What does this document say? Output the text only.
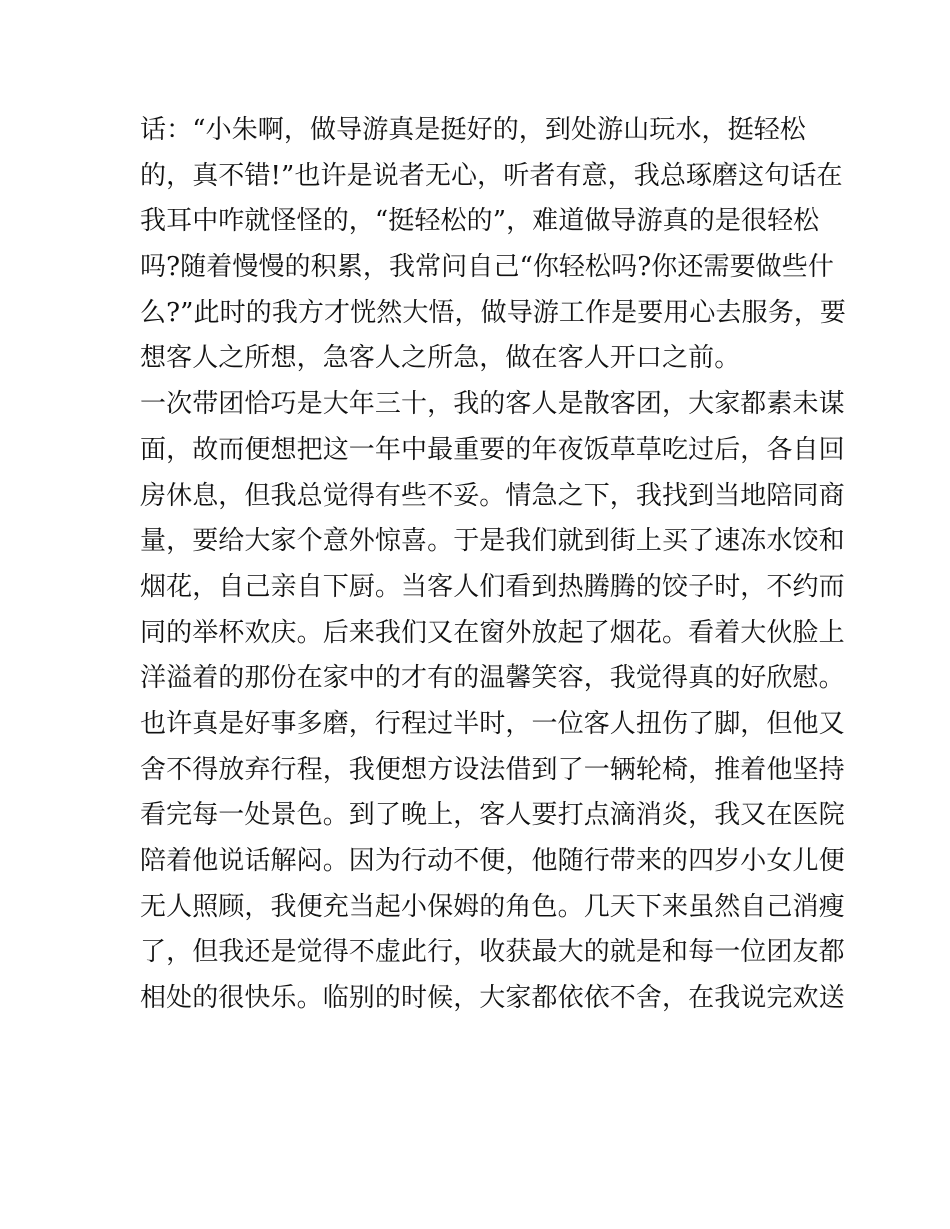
话：“小朱啊，做导游真是挺好的，到处游山玩水，挺轻松
的，真不错!”也许是说者无心，听者有意，我总琢磨这句话在
我耳中咋就怪怪的，“挺轻松的”，难道做导游真的是很轻松
吗?随着慢慢的积累，我常问自己“你轻松吗?你还需要做些什
么?”此时的我方才恍然大悟，做导游工作是要用心去服务，要
想客人之所想，急客人之所急，做在客人开口之前。
一次带团恰巧是大年三十，我的客人是散客团，大家都素未谋
面，故而便想把这一年中最重要的年夜饭草草吃过后，各自回
房休息，但我总觉得有些不妥。情急之下，我找到当地陪同商
量，要给大家个意外惊喜。于是我们就到街上买了速冻水饺和
烟花，自己亲自下厨。当客人们看到热腾腾的饺子时，不约而
同的举杯欢庆。后来我们又在窗外放起了烟花。看着大伙脸上
洋溢着的那份在家中的才有的温馨笑容，我觉得真的好欣慰。
也许真是好事多磨，行程过半时，一位客人扭伤了脚，但他又
舍不得放弃行程，我便想方设法借到了一辆轮椅，推着他坚持
看完每一处景色。到了晚上，客人要打点滴消炎，我又在医院
陪着他说话解闷。因为行动不便，他随行带来的四岁小女儿便
无人照顾，我便充当起小保姆的角色。几天下来虽然自己消瘦
了，但我还是觉得不虚此行，收获最大的就是和每一位团友都
相处的很快乐。临别的时候，大家都依依不舍，在我说完欢送
